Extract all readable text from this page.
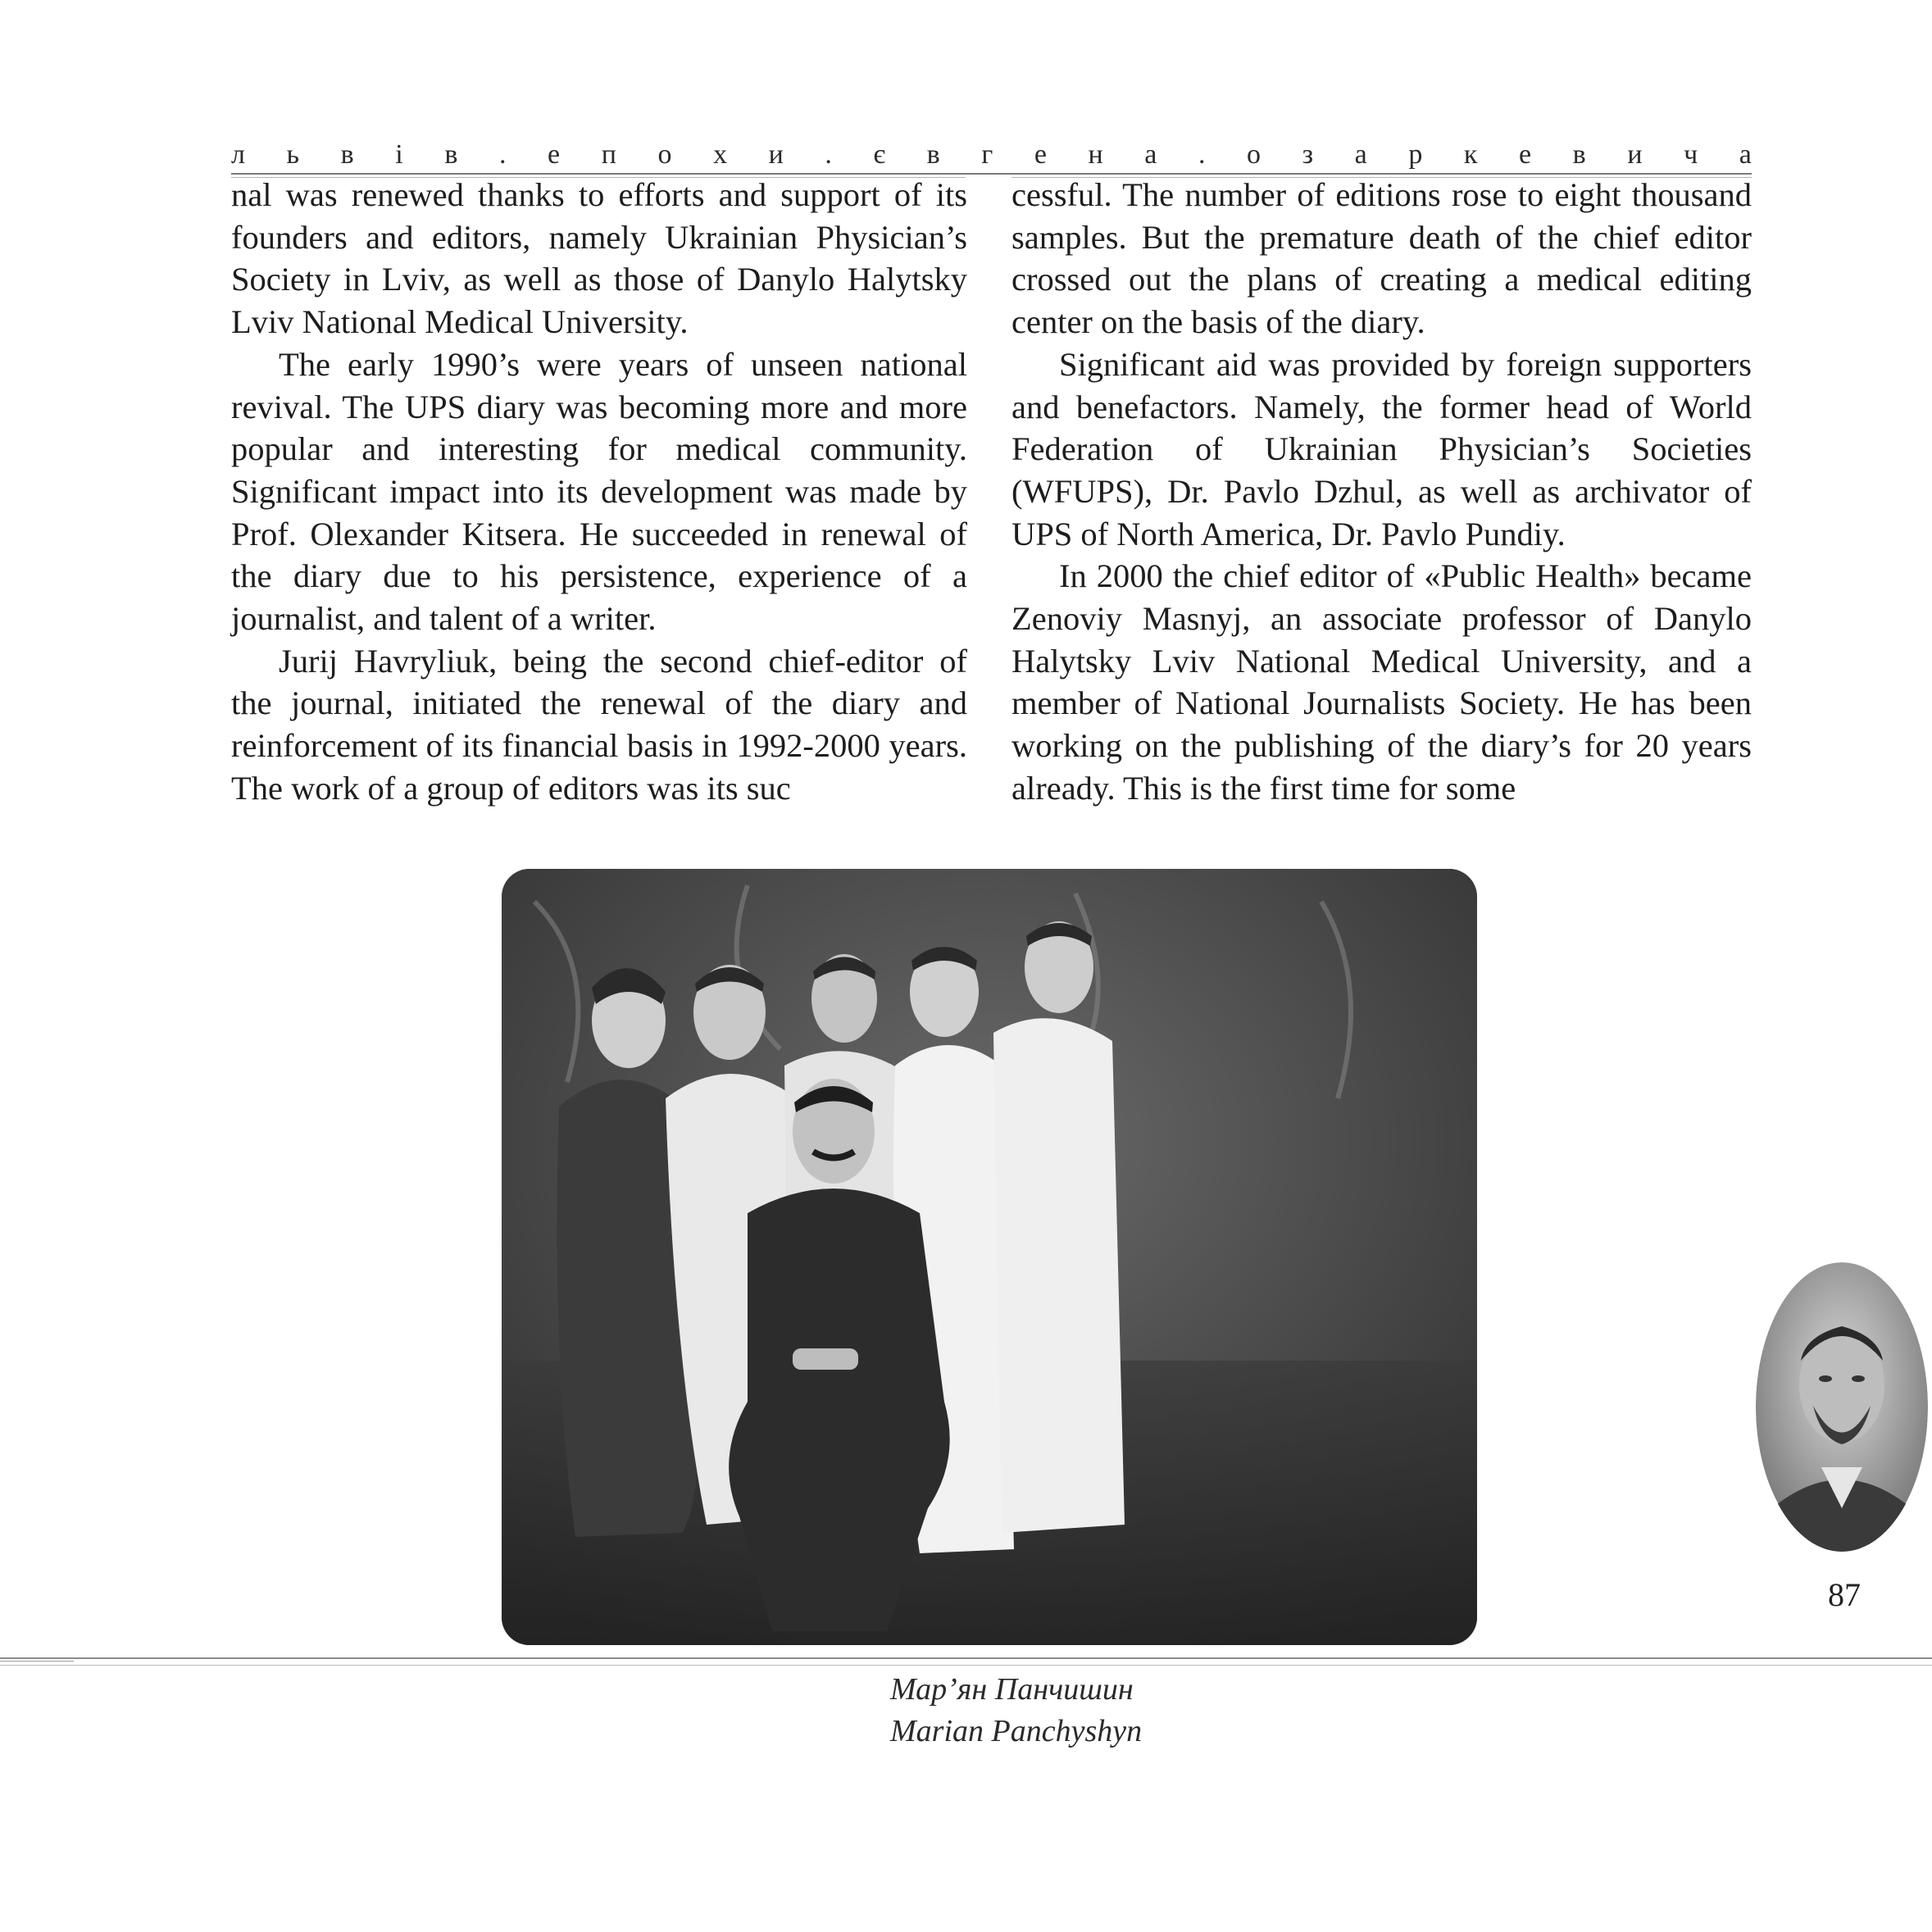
л ь в і в . е п о х и . є в г е н а . о з а р к е в и ч а

nal was renewed thanks to efforts and support of its founders and editors, namely Ukrainian Physician’s Society in Lviv, as well as those of Danylo Halytsky Lviv National Medical University.

The early 1990’s were years of unseen national revival. The UPS diary was becoming more and more popular and interesting for medical community. Significant impact into its development was made by Prof. Olexander Kitsera. He succeeded in renewal of the diary due to his persistence, experience of a journalist, and talent of a writer.

Jurij Havryliuk, being the second chief-editor of the journal, initiated the renewal of the diary and reinforcement of its financial basis in 1992-2000 years. The work of a group of editors was its suc

cessful. The number of editions rose to eight thousand samples. But the premature death of the chief editor crossed out the plans of creating a medical editing center on the basis of the diary.

Significant aid was provided by foreign supporters and benefactors. Namely, the former head of World Federation of Ukrainian Physician’s Societies (WFUPS), Dr. Pavlo Dzhul, as well as archivator of UPS of North America, Dr. Pavlo Pundiy.

In 2000 the chief editor of «Public Health» became Zenoviy Masnyj, an associate professor of Danylo Halytsky Lviv National Medical University, and a member of National Journalists Society. He has been working on the publishing of the diary’s for 20 years already. This is the first time for some

87
Мар’ян Панчишин
Marian Panchyshyn
